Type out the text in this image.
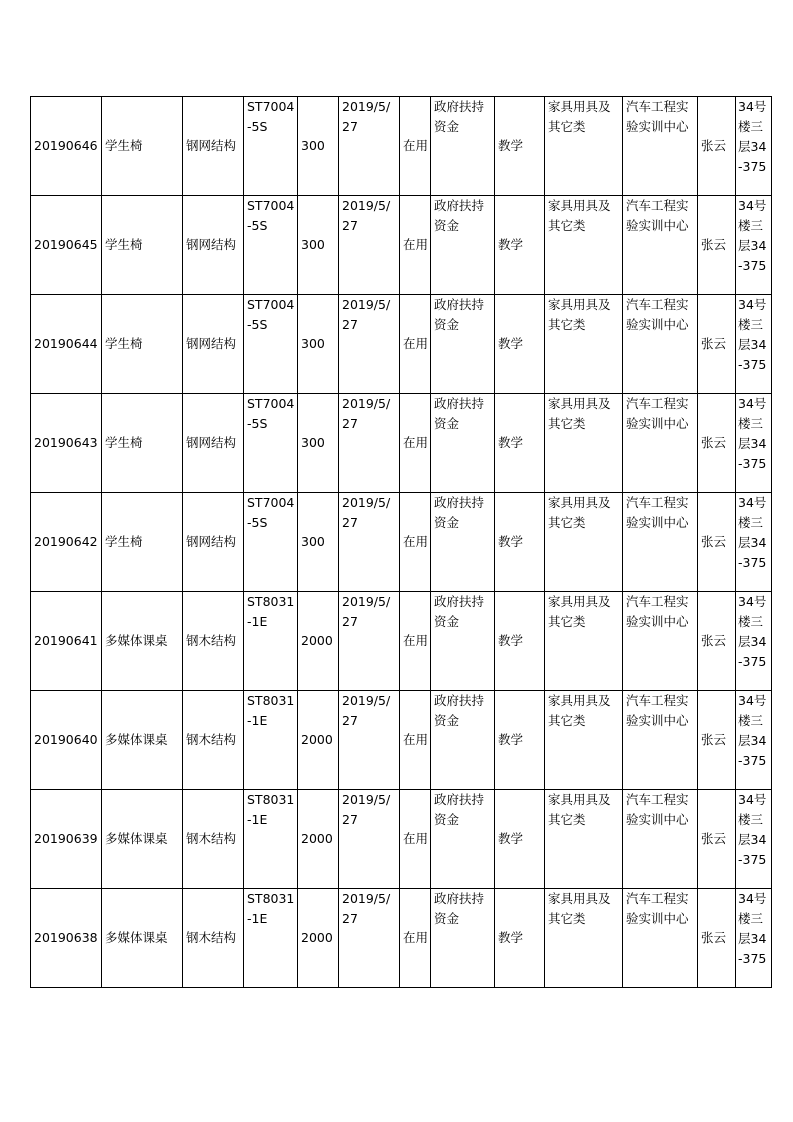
20190646	学生椅	钢网结构	ST7004-5S	300	2019/5/27	在用	政府扶持资金	教学	家具用具及其它类	汽车工程实验实训中心	张云	34号楼三层34-375
20190645	学生椅	钢网结构	ST7004-5S	300	2019/5/27	在用	政府扶持资金	教学	家具用具及其它类	汽车工程实验实训中心	张云	34号楼三层34-375
20190644	学生椅	钢网结构	ST7004-5S	300	2019/5/27	在用	政府扶持资金	教学	家具用具及其它类	汽车工程实验实训中心	张云	34号楼三层34-375
20190643	学生椅	钢网结构	ST7004-5S	300	2019/5/27	在用	政府扶持资金	教学	家具用具及其它类	汽车工程实验实训中心	张云	34号楼三层34-375
20190642	学生椅	钢网结构	ST7004-5S	300	2019/5/27	在用	政府扶持资金	教学	家具用具及其它类	汽车工程实验实训中心	张云	34号楼三层34-375
20190641	多媒体课桌	钢木结构	ST8031-1E	2000	2019/5/27	在用	政府扶持资金	教学	家具用具及其它类	汽车工程实验实训中心	张云	34号楼三层34-375
20190640	多媒体课桌	钢木结构	ST8031-1E	2000	2019/5/27	在用	政府扶持资金	教学	家具用具及其它类	汽车工程实验实训中心	张云	34号楼三层34-375
20190639	多媒体课桌	钢木结构	ST8031-1E	2000	2019/5/27	在用	政府扶持资金	教学	家具用具及其它类	汽车工程实验实训中心	张云	34号楼三层34-375
20190638	多媒体课桌	钢木结构	ST8031-1E	2000	2019/5/27	在用	政府扶持资金	教学	家具用具及其它类	汽车工程实验实训中心	张云	34号楼三层34-375
